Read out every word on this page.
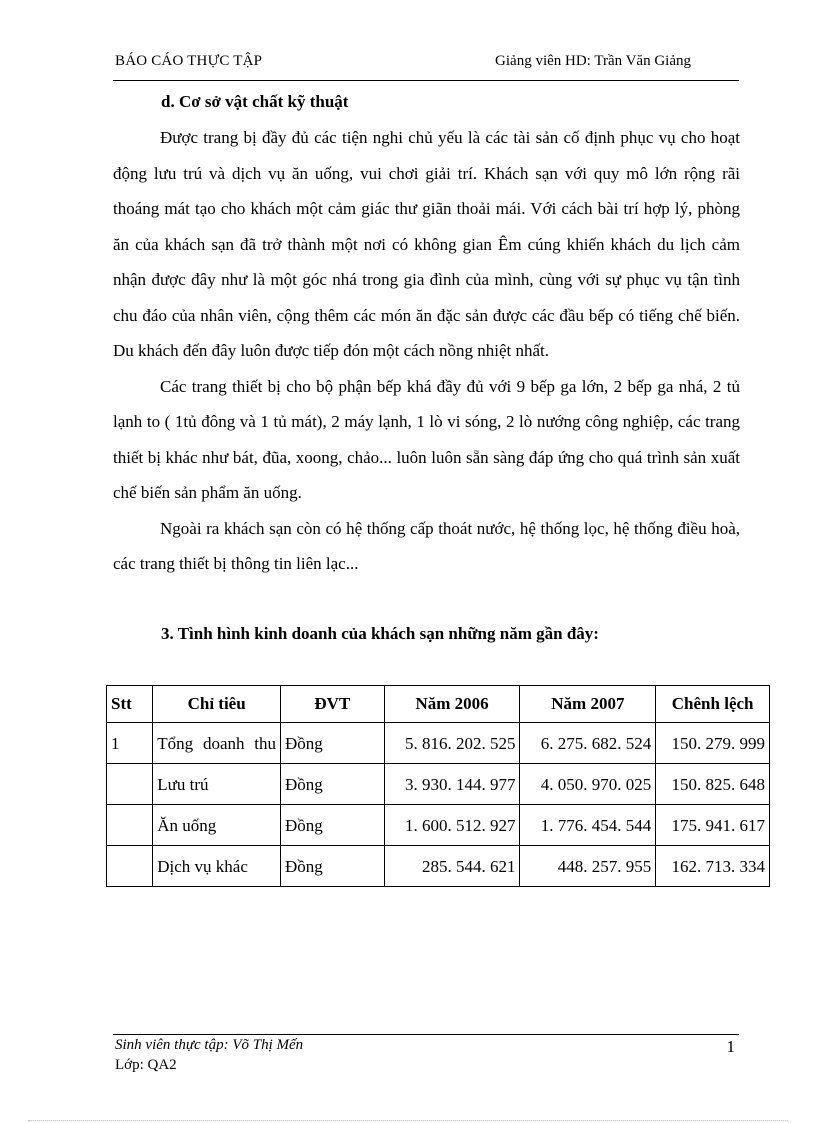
BÁO CÁO THỰC TẬP	Giảng viên HD: Trần Văn Giảng
d. Cơ sở vật chất kỹ thuật

Được trang bị đầy đủ các tiện nghi chủ yếu là các tài sản cố định phục vụ cho hoạt động lưu trú và dịch vụ ăn uống, vui chơi giải trí. Khách sạn với quy mô lớn rộng rãi thoáng mát tạo cho khách một cảm giác thư giãn thoải mái. Với cách bài trí hợp lý, phòng ăn của khách sạn đã trở thành một nơi có không gian Êm cúng khiến khách du lịch cảm nhận được đây như là một góc nhá trong gia đình của mình, cùng với sự phục vụ tận tình chu đáo của nhân viên, cộng thêm các món ăn đặc sản được các đầu bếp có tiếng chế biến. Du khách đến đây luôn được tiếp đón một cách nồng nhiệt nhất.

Các trang thiết bị cho bộ phận bếp khá đầy đủ với 9 bếp ga lớn, 2 bếp ga nhá, 2 tủ lạnh to ( 1tủ đông và 1 tủ mát), 2 máy lạnh, 1 lò vi sóng, 2 lò nướng công nghiệp, các trang thiết bị khác như bát, đũa, xoong, chảo... luôn luôn sẵn sàng đáp ứng cho quá trình sản xuất chế biến sản phẩm ăn uống.

Ngoài ra khách sạn còn có hệ thống cấp thoát nước, hệ thống lọc, hệ thống điều hoà, các trang thiết bị thông tin liên lạc...

3. Tình hình kinh doanh của khách sạn những năm gần đây:
Stt	Chỉ tiêu	ĐVT	Năm 2006	Năm 2007	Chênh lệch
1	Tổng doanh thu	Đồng	5. 816. 202. 525	6. 275. 682. 524	150. 279. 999
	Lưu trú	Đồng	3. 930. 144. 977	4. 050. 970. 025	150. 825. 648
	Ăn uống	Đồng	1. 600. 512. 927	1. 776. 454. 544	175. 941. 617
	Dịch vụ khác	Đồng	285. 544. 621	448. 257. 955	162. 713. 334
Sinh viên thực tập: Võ Thị Mến
Lớp: QA2
1
